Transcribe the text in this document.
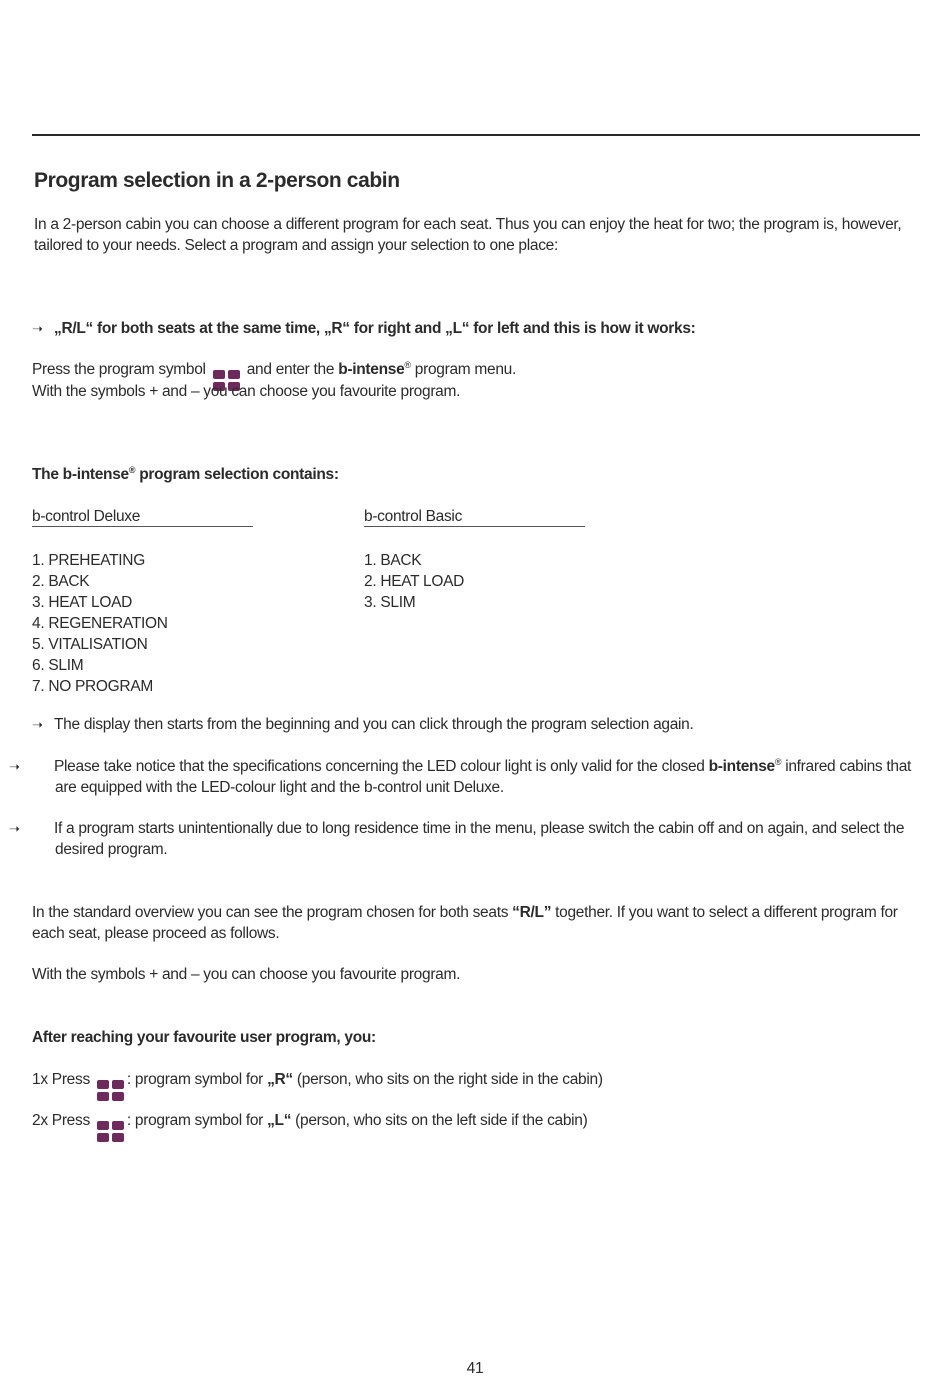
Program selection in a 2-person cabin
In a 2-person cabin you can choose a different program for each seat. Thus you can enjoy the heat for two; the program is, however, tailored to your needs. Select a program and assign your selection to one place:
➝ „R/L“ for both seats at the same time, „R“ for right and „L“ for left and this is how it works:
Press the program symbol	and enter the b-intense® program menu.
With the symbols + and – you can choose you favourite program.
The b-intense® program selection contains:
b-control Deluxe
1. PREHEATING
2. BACK
3. HEAT LOAD
4. REGENERATION
5. VITALISATION
6. SLIM
7. NO PROGRAM
b-control Basic
1. BACK
2. HEAT LOAD
3. SLIM
➝ The display then starts from the beginning and you can click through the program selection again.
➝ Please take notice that the specifications concerning the LED colour light is only valid for the closed b-intense® infrared cabins that are equipped with the LED-colour light and the b-control unit Deluxe.
➝ If a program starts unintentionally due to long residence time in the menu, please switch the cabin off and on again, and select the desired program.
In the standard overview you can see the program chosen for both seats “R/L” together. If you want to select a different program for each seat, please proceed as follows.
With the symbols + and – you can choose you favourite program.
After reaching your favourite user program, you:
1x Press : program symbol for „R“ (person, who sits on the right side in the cabin)
2x Press : program symbol for „L“ (person, who sits on the left side if the cabin)
41
